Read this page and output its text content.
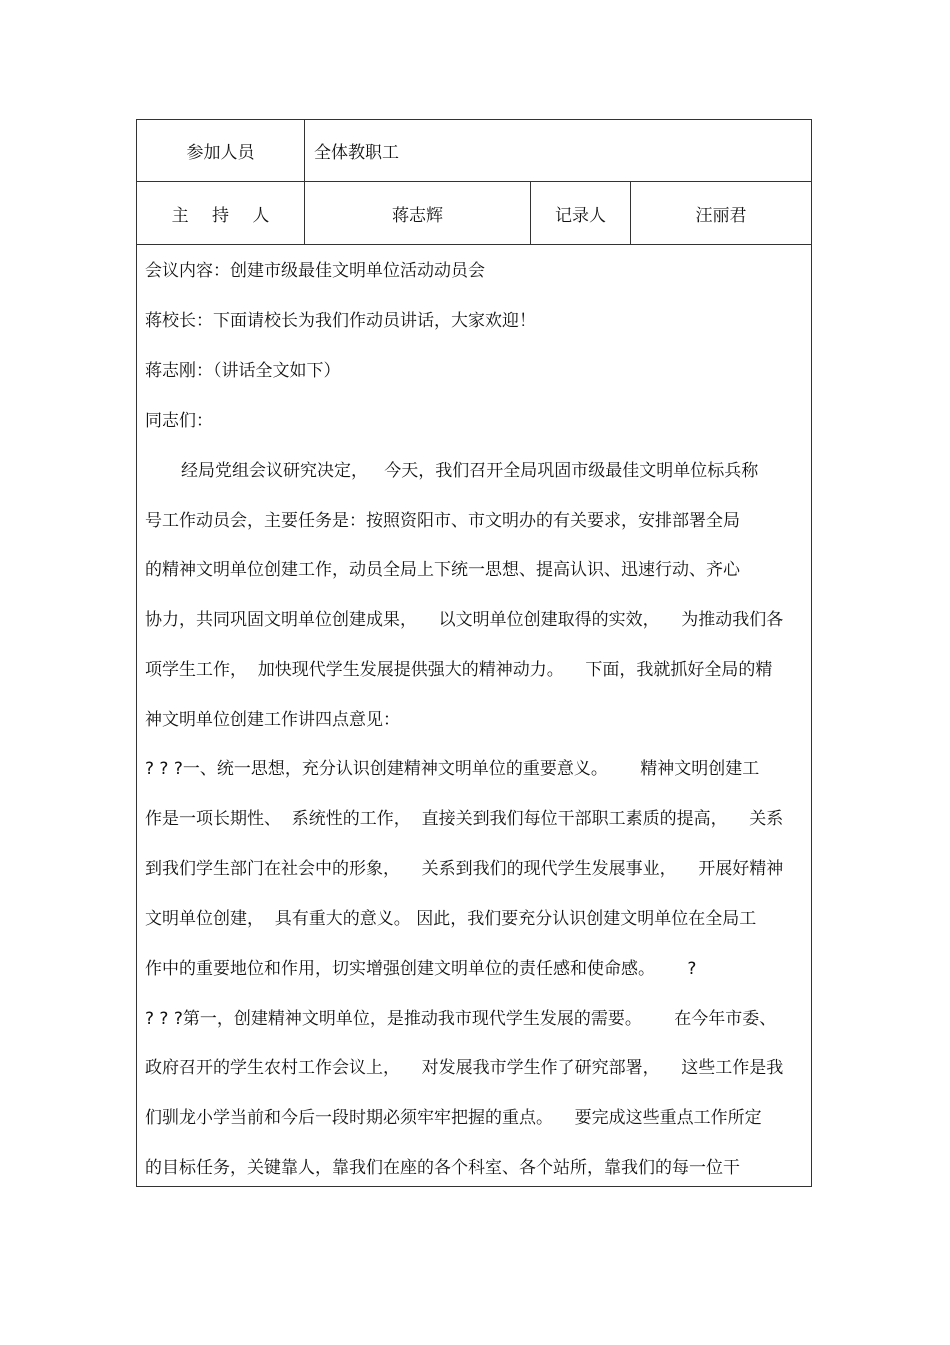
参加人员	全体教职工
主 持 人	蒋志辉	记录人	汪丽君
会议内容：创建市级最佳文明单位活动动员会
蒋校长：下面请校长为我们作动员讲话，大家欢迎！
蒋志刚：（讲话全文如下）
同志们：
经局党组会议研究决定，   今天，我们召开全局巩固市级最佳文明单位标兵称
号工作动员会，主要任务是：按照资阳市、市文明办的有关要求，安排部署全局
的精神文明单位创建工作，动员全局上下统一思想、提高认识、迅速行动、齐心
协力，共同巩固文明单位创建成果，    以文明单位创建取得的实效，    为推动我们各
项学生工作，  加快现代学生发展提供强大的精神动力。    下面，我就抓好全局的精
神文明单位创建工作讲四点意见：
? ? ?一、统一思想，充分认识创建精神文明单位的重要意义。      精神文明创建工
作是一项长期性、  系统性的工作，  直接关到我们每位干部职工素质的提高，    关系
到我们学生部门在社会中的形象，    关系到我们的现代学生发展事业，    开展好精神
文明单位创建，  具有重大的意义。 因此，我们要充分认识创建文明单位在全局工
作中的重要地位和作用，切实增强创建文明单位的责任感和使命感。      ?
? ? ?第一，创建精神文明单位，是推动我市现代学生发展的需要。      在今年市委、
政府召开的学生农村工作会议上，    对发展我市学生作了研究部署，    这些工作是我
们驯龙小学当前和今后一段时期必须牢牢把握的重点。    要完成这些重点工作所定
的目标任务，关键靠人，靠我们在座的各个科室、各个站所，靠我们的每一位干
